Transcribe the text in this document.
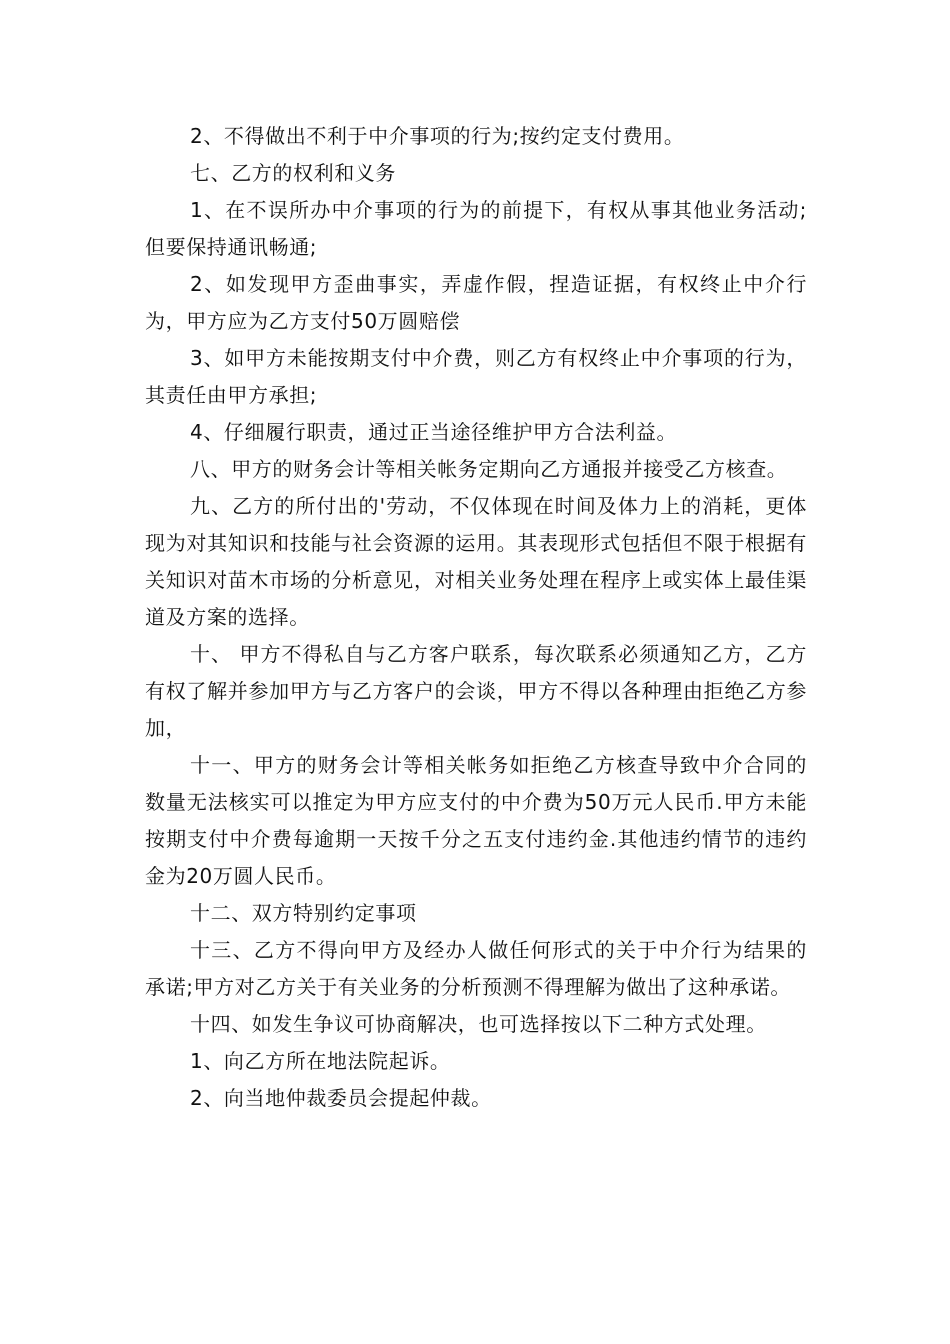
2、不得做出不利于中介事项的行为;按约定支付费用。

七、乙方的权利和义务

1、在不误所办中介事项的行为的前提下，有权从事其他业务活动;但要保持通讯畅通;

2、如发现甲方歪曲事实，弄虚作假，捏造证据，有权终止中介行为，甲方应为乙方支付50万圆赔偿

3、如甲方未能按期支付中介费，则乙方有权终止中介事项的行为，其责任由甲方承担;

4、仔细履行职责，通过正当途径维护甲方合法利益。

八、甲方的财务会计等相关帐务定期向乙方通报并接受乙方核查。

九、乙方的所付出的'劳动，不仅体现在时间及体力上的消耗，更体现为对其知识和技能与社会资源的运用。其表现形式包括但不限于根据有关知识对苗木市场的分析意见，对相关业务处理在程序上或实体上最佳渠道及方案的选择。

十、 甲方不得私自与乙方客户联系，每次联系必须通知乙方，乙方有权了解并参加甲方与乙方客户的会谈，甲方不得以各种理由拒绝乙方参加，

十一、甲方的财务会计等相关帐务如拒绝乙方核查导致中介合同的数量无法核实可以推定为甲方应支付的中介费为50万元人民币.甲方未能按期支付中介费每逾期一天按千分之五支付违约金.其他违约情节的违约金为20万圆人民币。

十二、双方特别约定事项

十三、乙方不得向甲方及经办人做任何形式的关于中介行为结果的承诺;甲方对乙方关于有关业务的分析预测不得理解为做出了这种承诺。

十四、如发生争议可协商解决，也可选择按以下二种方式处理。

1、向乙方所在地法院起诉。

2、向当地仲裁委员会提起仲裁。
